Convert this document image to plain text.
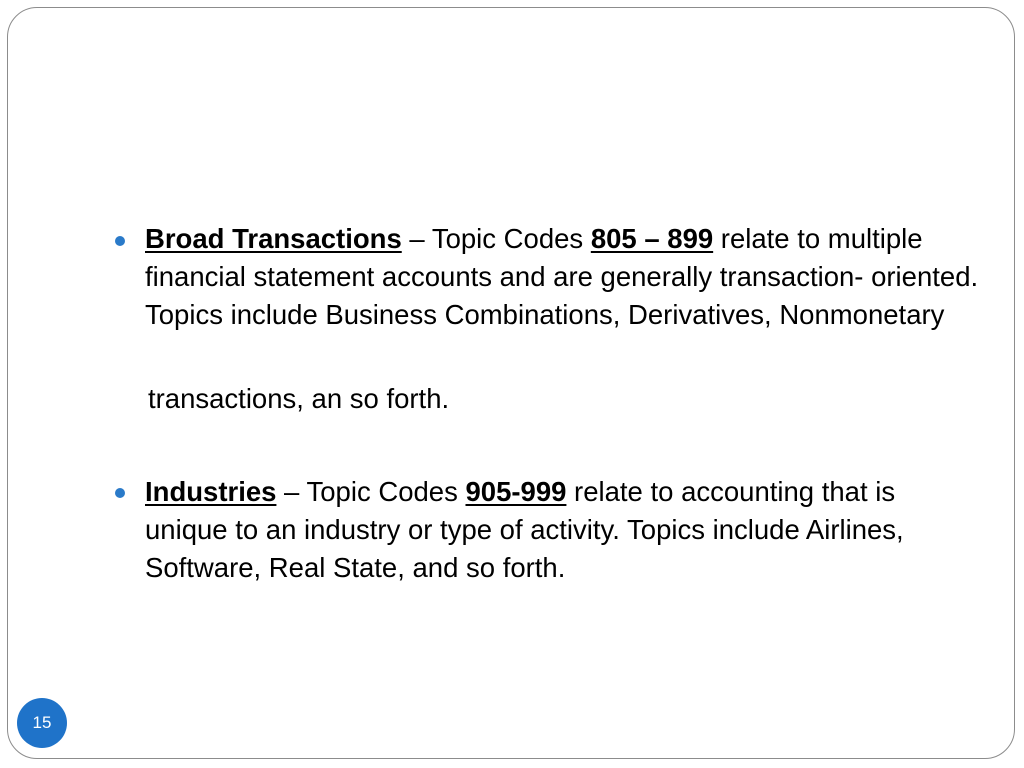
Broad Transactions – Topic Codes 805 – 899 relate to multiple financial statement accounts and are generally transaction- oriented. Topics include Business Combinations, Derivatives, Nonmonetary
transactions, an so forth.
Industries – Topic Codes 905-999 relate to accounting that is unique to an industry or type of activity. Topics include Airlines, Software, Real State, and so forth.
15
